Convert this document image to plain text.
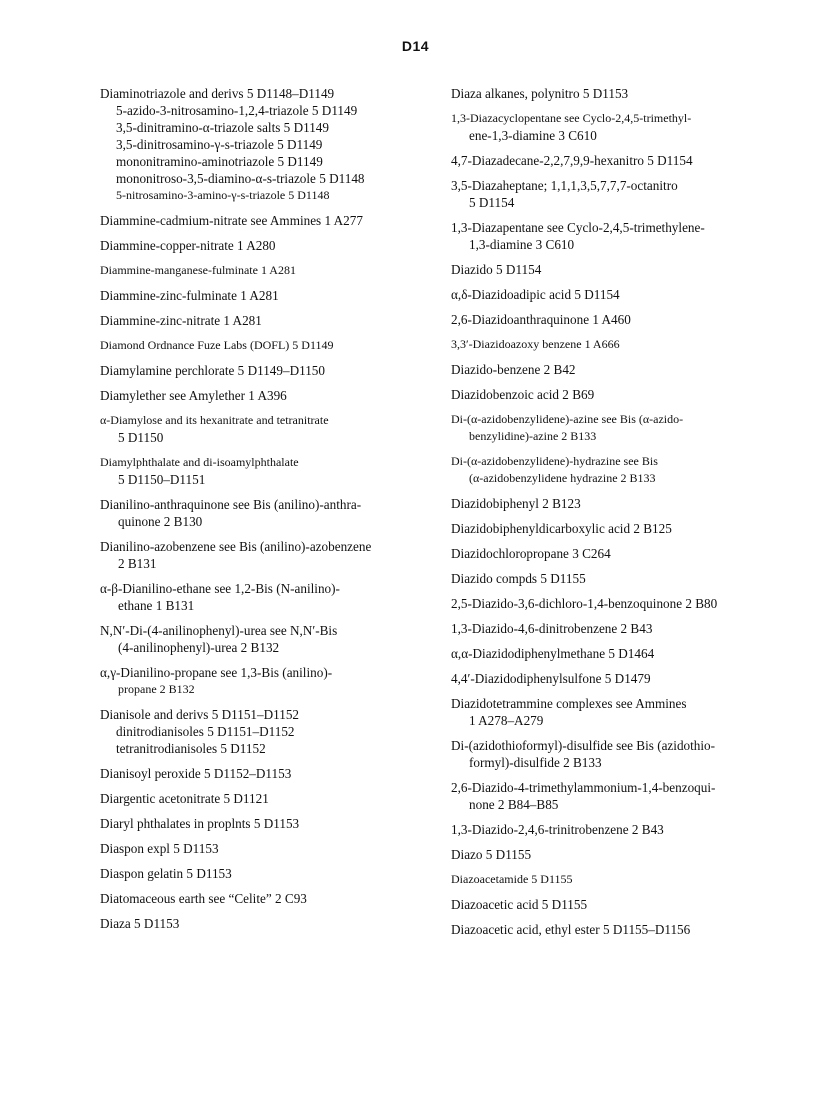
D14
Diaminotriazole and derivs 5 D1148–D1149
5-azido-3-nitrosamino-1,2,4-triazole 5 D1149
3,5-dinitramino-α-triazole salts 5 D1149
3,5-dinitrosamino-γ-s-triazole 5 D1149
mononitramino-aminotriazole 5 D1149
mononitroso-3,5-diamino-α-s-triazole 5 D1148
5-nitrosamino-3-amino-γ-s-triazole 5 D1148
Diammine-cadmium-nitrate see Ammines 1 A277
Diammine-copper-nitrate 1 A280
Diammine-manganese-fulminate 1 A281
Diammine-zinc-fulminate 1 A281
Diammine-zinc-nitrate 1 A281
Diamond Ordnance Fuze Labs (DOFL) 5 D1149
Diamylamine perchlorate 5 D1149–D1150
Diamylether see Amylether 1 A396
α-Diamylose and its hexanitrate and tetranitrate
5 D1150
Diamylphthalate and di-isoamylphthalate
5 D1150–D1151
Dianilino-anthraquinone see Bis (anilino)-anthra-
quinone 2 B130
Dianilino-azobenzene see Bis (anilino)-azobenzene
2 B131
α-β-Dianilino-ethane see 1,2-Bis (N-anilino)-
ethane 1 B131
N,N′-Di-(4-anilinophenyl)-urea see N,N′-Bis
(4-anilinophenyl)-urea 2 B132
α,γ-Dianilino-propane see 1,3-Bis (anilino)-
propane 2 B132
Dianisole and derivs 5 D1151–D1152
dinitrodianisoles 5 D1151–D1152
tetranitrodianisoles 5 D1152
Dianisoyl peroxide 5 D1152–D1153
Diargentic acetonitrate 5 D1121
Diaryl phthalates in proplnts 5 D1153
Diaspon expl 5 D1153
Diaspon gelatin 5 D1153
Diatomaceous earth see “Celite” 2 C93
Diaza 5 D1153
Diaza alkanes, polynitro 5 D1153
1,3-Diazacyclopentane see Cyclo-2,4,5-trimethyl-
ene-1,3-diamine 3 C610
4,7-Diazadecane-2,2,7,9,9-hexanitro 5 D1154
3,5-Diazaheptane; 1,1,1,3,5,7,7,7-octanitro
5 D1154
1,3-Diazapentane see Cyclo-2,4,5-trimethylene-
1,3-diamine 3 C610
Diazido 5 D1154
α,δ-Diazidoadipic acid 5 D1154
2,6-Diazidoanthraquinone 1 A460
3,3′-Diazidoazoxy benzene 1 A666
Diazido-benzene 2 B42
Diazidobenzoic acid 2 B69
Di-(α-azidobenzylidene)-azine see Bis (α-azido-
benzylidine)-azine 2 B133
Di-(α-azidobenzylidene)-hydrazine see Bis
(α-azidobenzylidene hydrazine 2 B133
Diazidobiphenyl 2 B123
Diazidobiphenyldicarboxylic acid 2 B125
Diazidochloropropane 3 C264
Diazido compds 5 D1155
2,5-Diazido-3,6-dichloro-1,4-benzoquinone 2 B80
1,3-Diazido-4,6-dinitrobenzene 2 B43
α,α-Diazidodiphenylmethane 5 D1464
4,4′-Diazidodiphenylsulfone 5 D1479
Diazidotetrammine complexes see Ammines
1 A278–A279
Di-(azidothioformyl)-disulfide see Bis (azidothio-
formyl)-disulfide 2 B133
2,6-Diazido-4-trimethylammonium-1,4-benzoqui-
none 2 B84–B85
1,3-Diazido-2,4,6-trinitrobenzene 2 B43
Diazo 5 D1155
Diazoacetamide 5 D1155
Diazoacetic acid 5 D1155
Diazoacetic acid, ethyl ester 5 D1155–D1156
